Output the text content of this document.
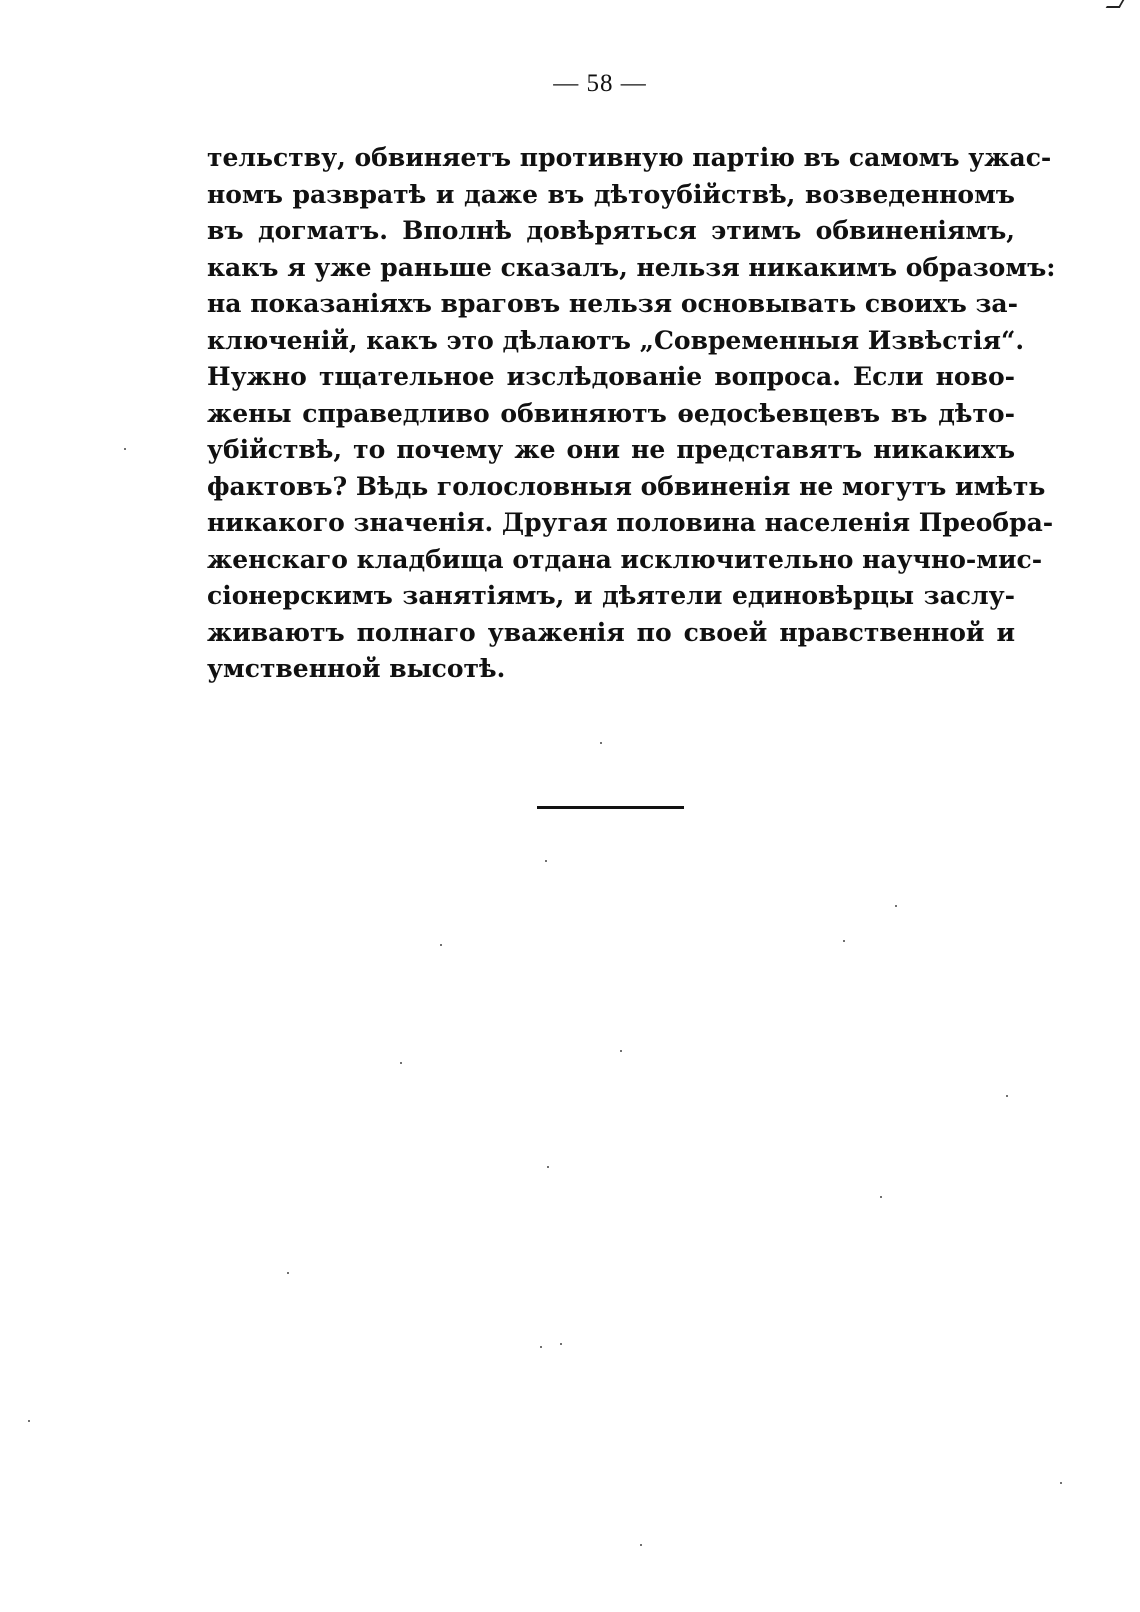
— 58 —
тельству, обвиняетъ противную партію въ самомъ ужас-
номъ развратѣ и даже въ дѣтоубійствѣ, возведенномъ
въ догматъ. Вполнѣ довѣряться этимъ обвиненіямъ,
какъ я уже раньше сказалъ, нельзя никакимъ образомъ:
на показаніяхъ враговъ нельзя основывать своихъ за-
ключеній, какъ это дѣлаютъ „Современныя Извѣстія“.
Нужно тщательное изслѣдованіе вопроса. Если ново-
жены справедливо обвиняютъ ѳедосѣевцевъ въ дѣто-
убійствѣ, то почему же они не представятъ никакихъ
фактовъ? Вѣдь голословныя обвиненія не могутъ имѣть
никакого значенія. Другая половина населенія Преобра-
женскаго кладбища отдана исключительно научно-мис-
сіонерскимъ занятіямъ, и дѣятели единовѣрцы заслу-
живаютъ полнаго уваженія по своей нравственной и
умственной высотѣ.
